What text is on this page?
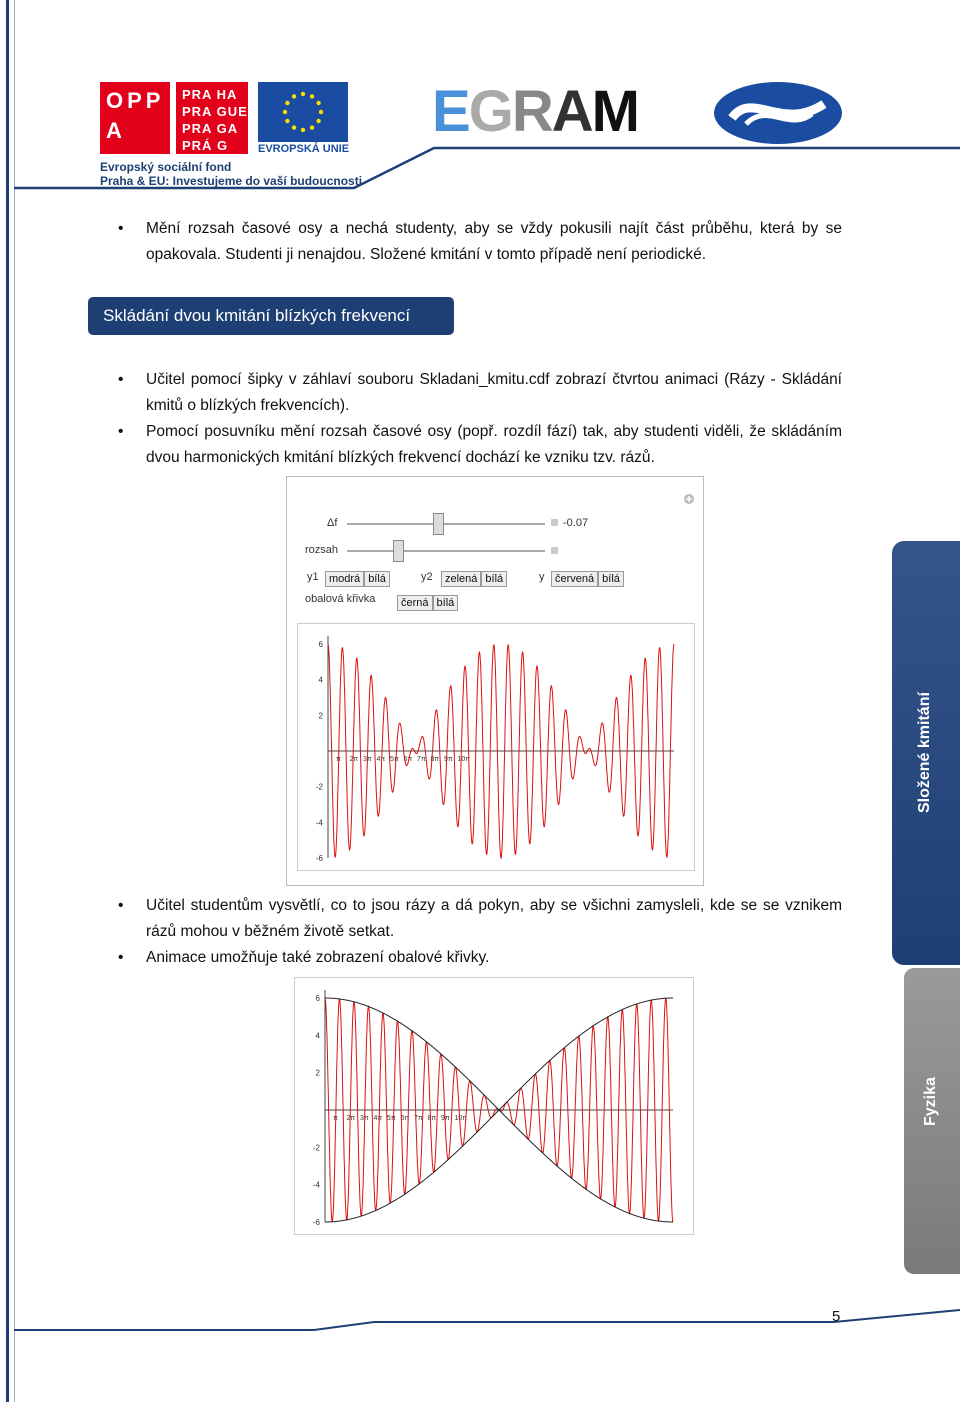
OPP A
PRA HA
PRA GUE
PRA GA
PRÁ G	EVROPSKÁ UNIE
Evropský sociální fond
Praha & EU: Investujeme do vaší budoucnosti
EGRAM
• Mění rozsah časové osy a nechá studenty, aby se vždy pokusili najít část průběhu, která by se opakovala. Studenti ji nenajdou. Složené kmitání v tomto případě není periodické.
Skládání dvou kmitání blízkých frekvencí
• Učitel pomocí šipky v záhlaví souboru Skladani_kmitu.cdf zobrazí čtvrtou animaci (Rázy - Skládání kmitů o blízkých frekvencích).
• Pomocí posuvníku mění rozsah časové osy (popř. rozdíl fází) tak, aby studenti viděli, že skládáním dvou harmonických kmitání blízkých frekvencí dochází ke vzniku tzv. rázů.
Δf	-0.07
rozsah
y1 modrá bílá	y2	zelená bílá	y červená bílá
obalová křivka	černá bílá
6
4
2
-2
-4
-6
π 2π 3π 4π 5π 6π 7π 8π 9π 10π
• Učitel studentům vysvětlí, co to jsou rázy a dá pokyn, aby se všichni zamysleli, kde se se vznikem rázů mohou v běžném životě setkat.
• Animace umožňuje také zobrazení obalové křivky.
6
4
2
-2
-4
-6
π 2π 3π 4π 5π 6π 7π 8π 9π 10π
Složené kmitání
Fyzika
5
